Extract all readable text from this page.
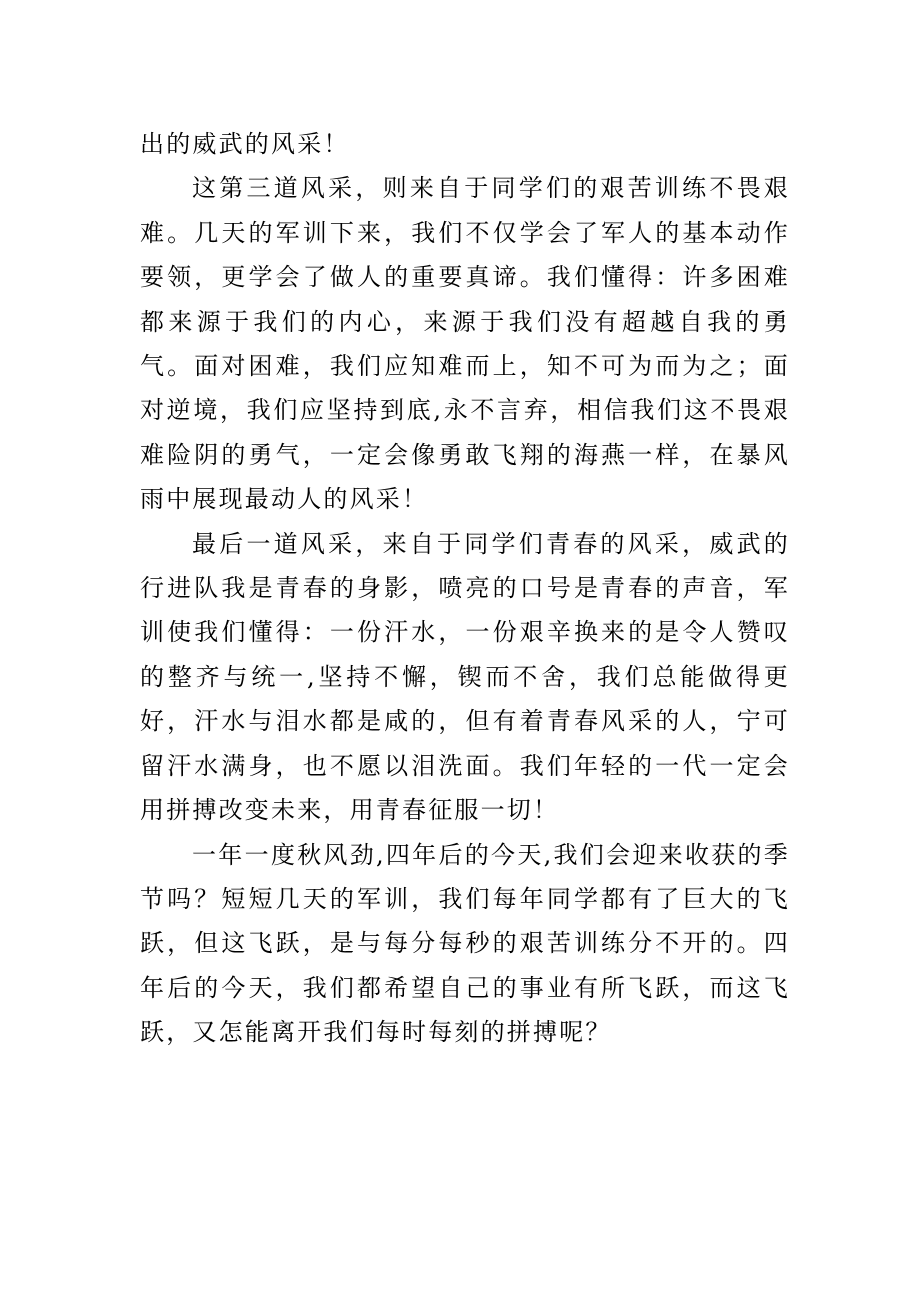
出的威武的风采！

这第三道风采，则来自于同学们的艰苦训练不畏艰难。几天的军训下来，我们不仅学会了军人的基本动作要领，更学会了做人的重要真谛。我们懂得：许多困难都来源于我们的内心，来源于我们没有超越自我的勇气。面对困难，我们应知难而上，知不可为而为之；面对逆境，我们应坚持到底,永不言弃，相信我们这不畏艰难险阴的勇气，一定会像勇敢飞翔的海燕一样，在暴风雨中展现最动人的风采！

最后一道风采，来自于同学们青春的风采，威武的行进队我是青春的身影，喷亮的口号是青春的声音，军训使我们懂得：一份汗水，一份艰辛换来的是令人赞叹的整齐与统一,坚持不懈，锲而不舍，我们总能做得更好，汗水与泪水都是咸的，但有着青春风采的人，宁可留汗水满身，也不愿以泪洗面。我们年轻的一代一定会用拼搏改变未来，用青春征服一切！

一年一度秋风劲,四年后的今天,我们会迎来收获的季节吗？短短几天的军训，我们每年同学都有了巨大的飞跃，但这飞跃，是与每分每秒的艰苦训练分不开的。四年后的今天，我们都希望自己的事业有所飞跃，而这飞跃，又怎能离开我们每时每刻的拼搏呢？
